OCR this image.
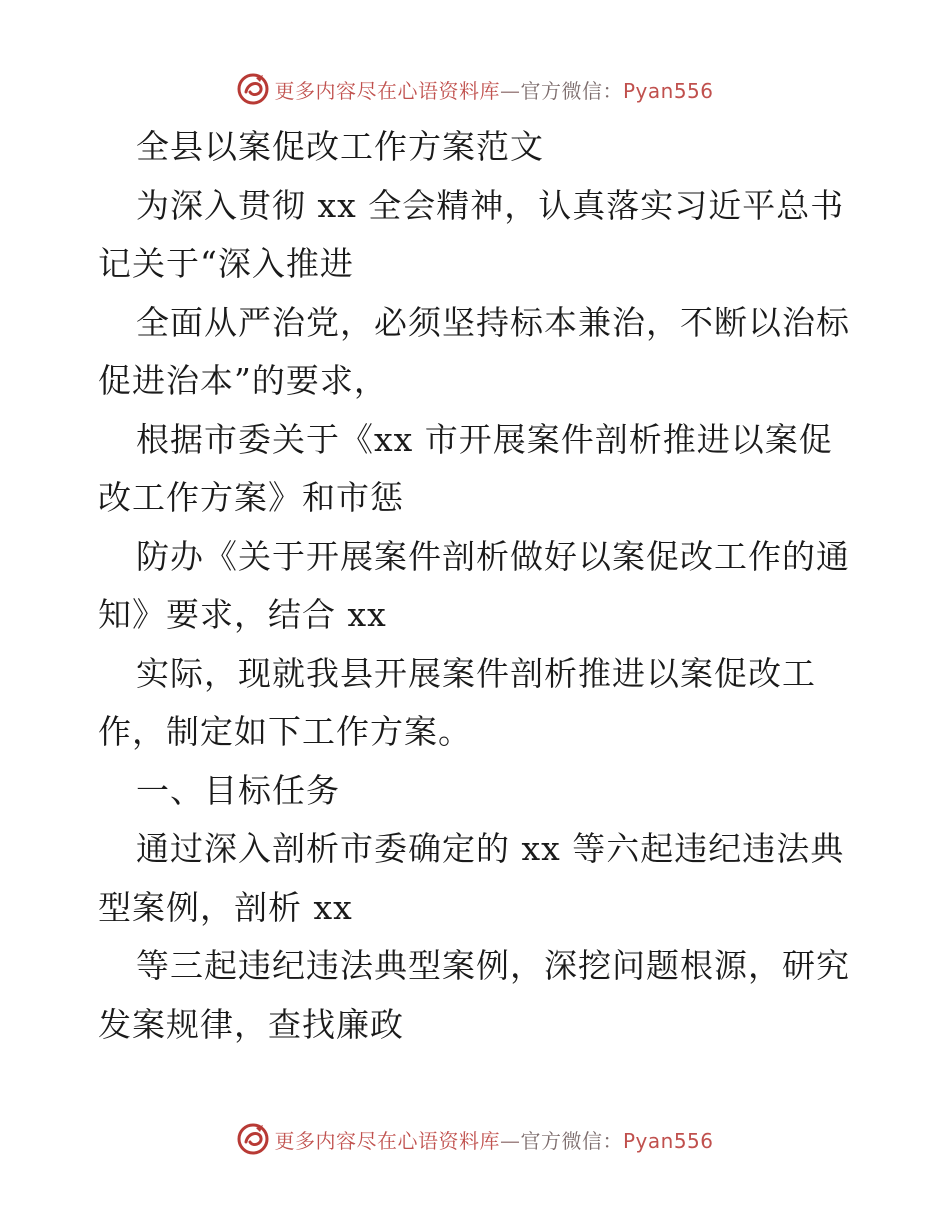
更多内容尽在心语资料库—官方微信：Pyan556
全县以案促改工作方案范文
为深入贯彻 xx 全会精神，认真落实习近平总书
记关于“深入推进
全面从严治党，必须坚持标本兼治，不断以治标
促进治本”的要求，
根据市委关于《xx 市开展案件剖析推进以案促
改工作方案》和市惩
防办《关于开展案件剖析做好以案促改工作的通
知》要求，结合 xx
实际，现就我县开展案件剖析推进以案促改工
作，制定如下工作方案。
一、目标任务
通过深入剖析市委确定的 xx 等六起违纪违法典
型案例，剖析 xx
等三起违纪违法典型案例，深挖问题根源，研究
发案规律，查找廉政
更多内容尽在心语资料库—官方微信：Pyan556
